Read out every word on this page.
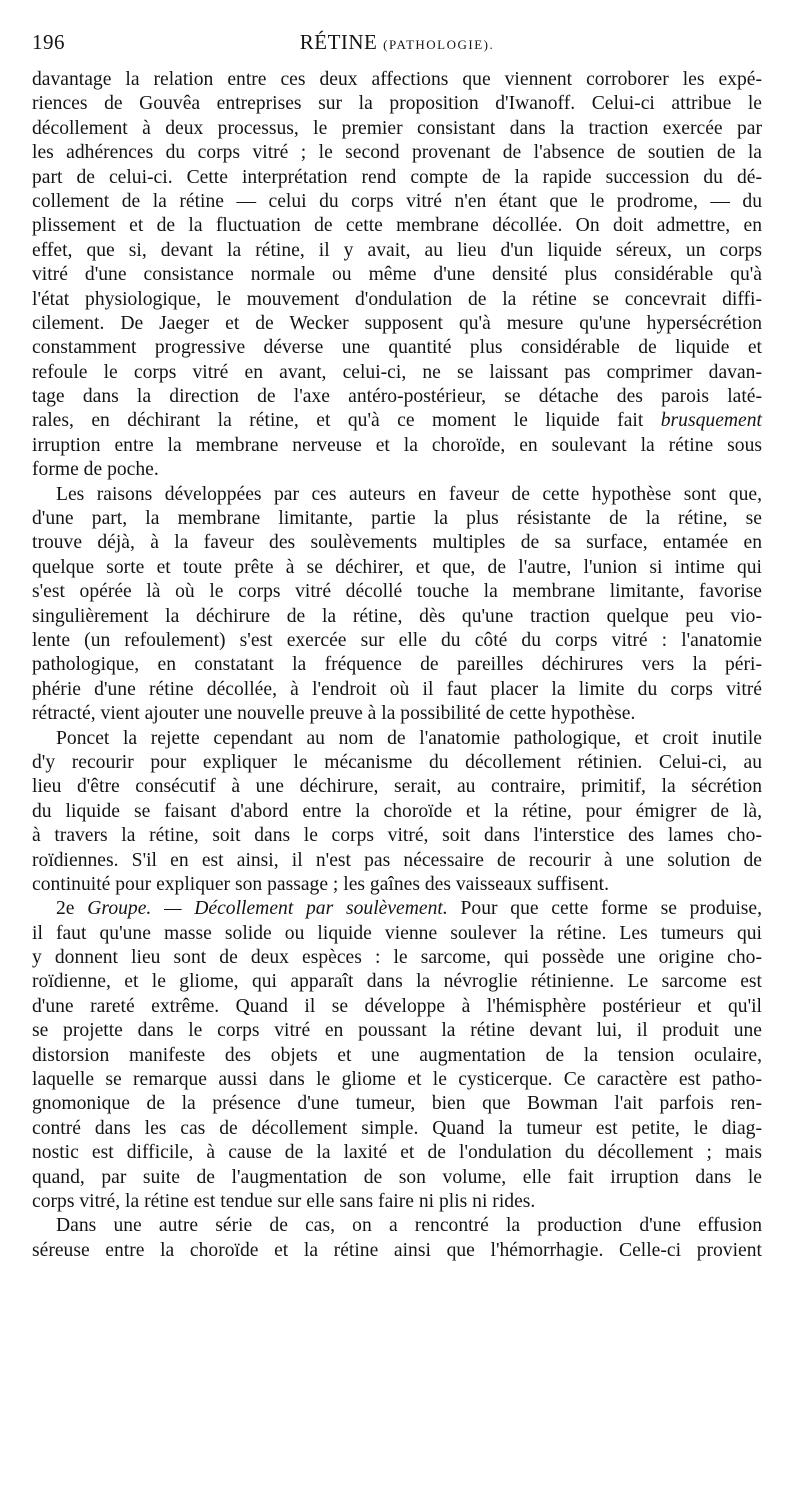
196	RÉTINE (PATHOLOGIE).
davantage la relation entre ces deux affections que viennent corroborer les expé-
riences de Gouvêa entreprises sur la proposition d'Iwanoff. Celui-ci attribue le
décollement à deux processus, le premier consistant dans la traction exercée par
les adhérences du corps vitré ; le second provenant de l'absence de soutien de la
part de celui-ci. Cette interprétation rend compte de la rapide succession du dé-
collement de la rétine — celui du corps vitré n'en étant que le prodrome, — du
plissement et de la fluctuation de cette membrane décollée. On doit admettre, en
effet, que si, devant la rétine, il y avait, au lieu d'un liquide séreux, un corps
vitré d'une consistance normale ou même d'une densité plus considérable qu'à
l'état physiologique, le mouvement d'ondulation de la rétine se concevrait diffi-
cilement. De Jaeger et de Wecker supposent qu'à mesure qu'une hypersécrétion
constamment progressive déverse une quantité plus considérable de liquide et
refoule le corps vitré en avant, celui-ci, ne se laissant pas comprimer davan-
tage dans la direction de l'axe antéro-postérieur, se détache des parois laté-
rales, en déchirant la rétine, et qu'à ce moment le liquide fait brusquement
irruption entre la membrane nerveuse et la choroïde, en soulevant la rétine sous
forme de poche.
Les raisons développées par ces auteurs en faveur de cette hypothèse sont que,
d'une part, la membrane limitante, partie la plus résistante de la rétine, se
trouve déjà, à la faveur des soulèvements multiples de sa surface, entamée en
quelque sorte et toute prête à se déchirer, et que, de l'autre, l'union si intime qui
s'est opérée là où le corps vitré décollé touche la membrane limitante, favorise
singulièrement la déchirure de la rétine, dès qu'une traction quelque peu vio-
lente (un refoulement) s'est exercée sur elle du côté du corps vitré : l'anatomie
pathologique, en constatant la fréquence de pareilles déchirures vers la péri-
phérie d'une rétine décollée, à l'endroit où il faut placer la limite du corps vitré
rétracté, vient ajouter une nouvelle preuve à la possibilité de cette hypothèse.
Poncet la rejette cependant au nom de l'anatomie pathologique, et croit inutile
d'y recourir pour expliquer le mécanisme du décollement rétinien. Celui-ci, au
lieu d'être consécutif à une déchirure, serait, au contraire, primitif, la sécrétion
du liquide se faisant d'abord entre la choroïde et la rétine, pour émigrer de là,
à travers la rétine, soit dans le corps vitré, soit dans l'interstice des lames cho-
roïdiennes. S'il en est ainsi, il n'est pas nécessaire de recourir à une solution de
continuité pour expliquer son passage ; les gaînes des vaisseaux suffisent.
2e Groupe. — Décollement par soulèvement. Pour que cette forme se produise,
il faut qu'une masse solide ou liquide vienne soulever la rétine. Les tumeurs qui
y donnent lieu sont de deux espèces : le sarcome, qui possède une origine cho-
roïdienne, et le gliome, qui apparaît dans la névroglie rétinienne. Le sarcome est
d'une rareté extrême. Quand il se développe à l'hémisphère postérieur et qu'il
se projette dans le corps vitré en poussant la rétine devant lui, il produit une
distorsion manifeste des objets et une augmentation de la tension oculaire,
laquelle se remarque aussi dans le gliome et le cysticerque. Ce caractère est patho-
gnomonique de la présence d'une tumeur, bien que Bowman l'ait parfois ren-
contré dans les cas de décollement simple. Quand la tumeur est petite, le diag-
nostic est difficile, à cause de la laxité et de l'ondulation du décollement ; mais
quand, par suite de l'augmentation de son volume, elle fait irruption dans le
corps vitré, la rétine est tendue sur elle sans faire ni plis ni rides.
Dans une autre série de cas, on a rencontré la production d'une effusion
séreuse entre la choroïde et la rétine ainsi que l'hémorrhagie. Celle-ci provient
